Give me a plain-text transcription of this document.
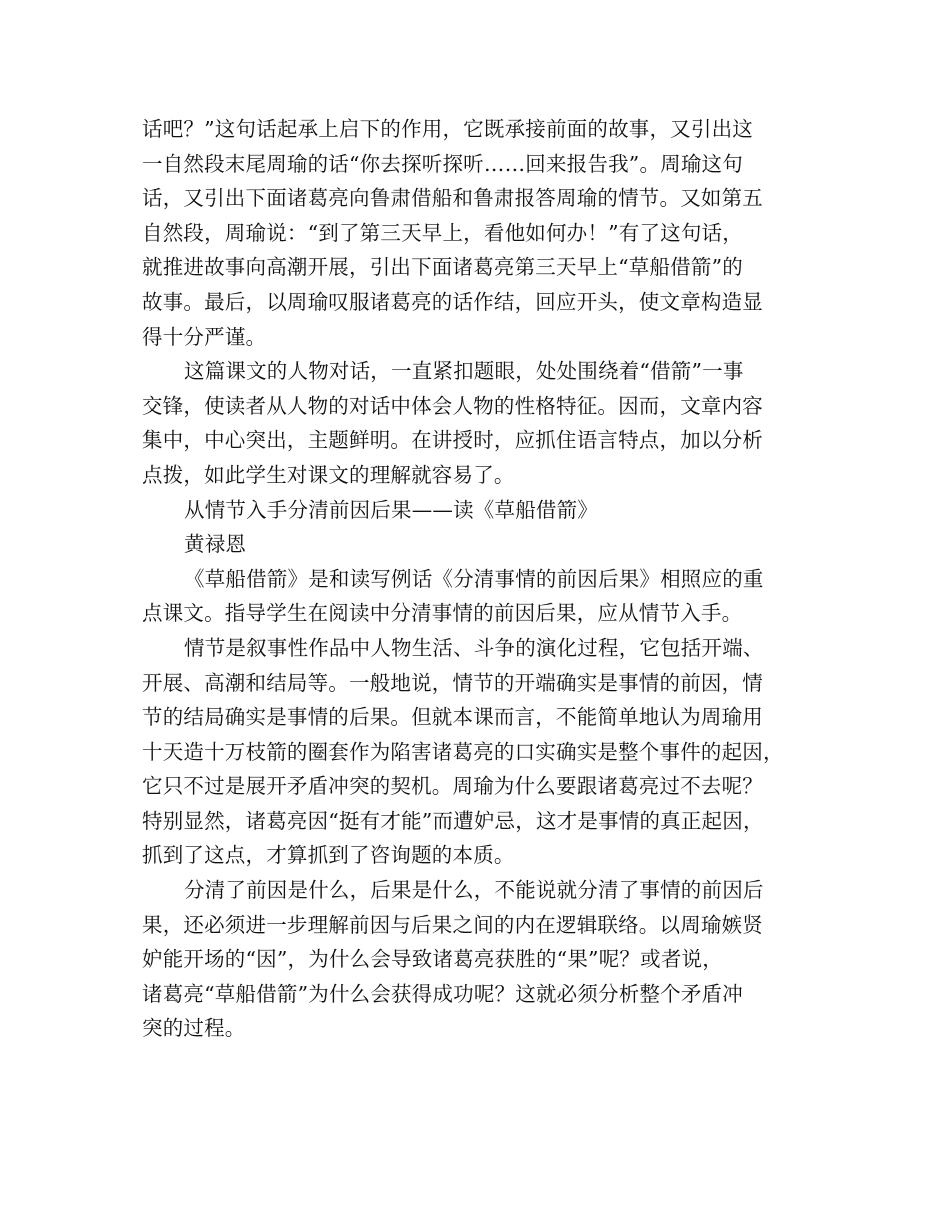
话吧？”这句话起承上启下的作用，它既承接前面的故事，又引出这
一自然段末尾周瑜的话“你去探听探听……回来报告我”。周瑜这句
话，又引出下面诸葛亮向鲁肃借船和鲁肃报答周瑜的情节。又如第五
自然段，周瑜说：“到了第三天早上，看他如何办！”有了这句话，
就推进故事向高潮开展，引出下面诸葛亮第三天早上“草船借箭”的
故事。最后，以周瑜叹服诸葛亮的话作结，回应开头，使文章构造显
得十分严谨。
这篇课文的人物对话，一直紧扣题眼，处处围绕着“借箭”一事
交锋，使读者从人物的对话中体会人物的性格特征。因而，文章内容
集中，中心突出，主题鲜明。在讲授时，应抓住语言特点，加以分析
点拨，如此学生对课文的理解就容易了。
从情节入手分清前因后果——读《草船借箭》
黄禄恩
《草船借箭》是和读写例话《分清事情的前因后果》相照应的重
点课文。指导学生在阅读中分清事情的前因后果，应从情节入手。
情节是叙事性作品中人物生活、斗争的演化过程，它包括开端、
开展、高潮和结局等。一般地说，情节的开端确实是事情的前因，情
节的结局确实是事情的后果。但就本课而言，不能简单地认为周瑜用
十天造十万枝箭的圈套作为陷害诸葛亮的口实确实是整个事件的起因，
它只不过是展开矛盾冲突的契机。周瑜为什么要跟诸葛亮过不去呢？
特别显然，诸葛亮因“挺有才能”而遭妒忌，这才是事情的真正起因，
抓到了这点，才算抓到了咨询题的本质。
分清了前因是什么，后果是什么，不能说就分清了事情的前因后
果，还必须进一步理解前因与后果之间的内在逻辑联络。以周瑜嫉贤
妒能开场的“因”，为什么会导致诸葛亮获胜的“果”呢？或者说，
诸葛亮“草船借箭”为什么会获得成功呢？这就必须分析整个矛盾冲
突的过程。
